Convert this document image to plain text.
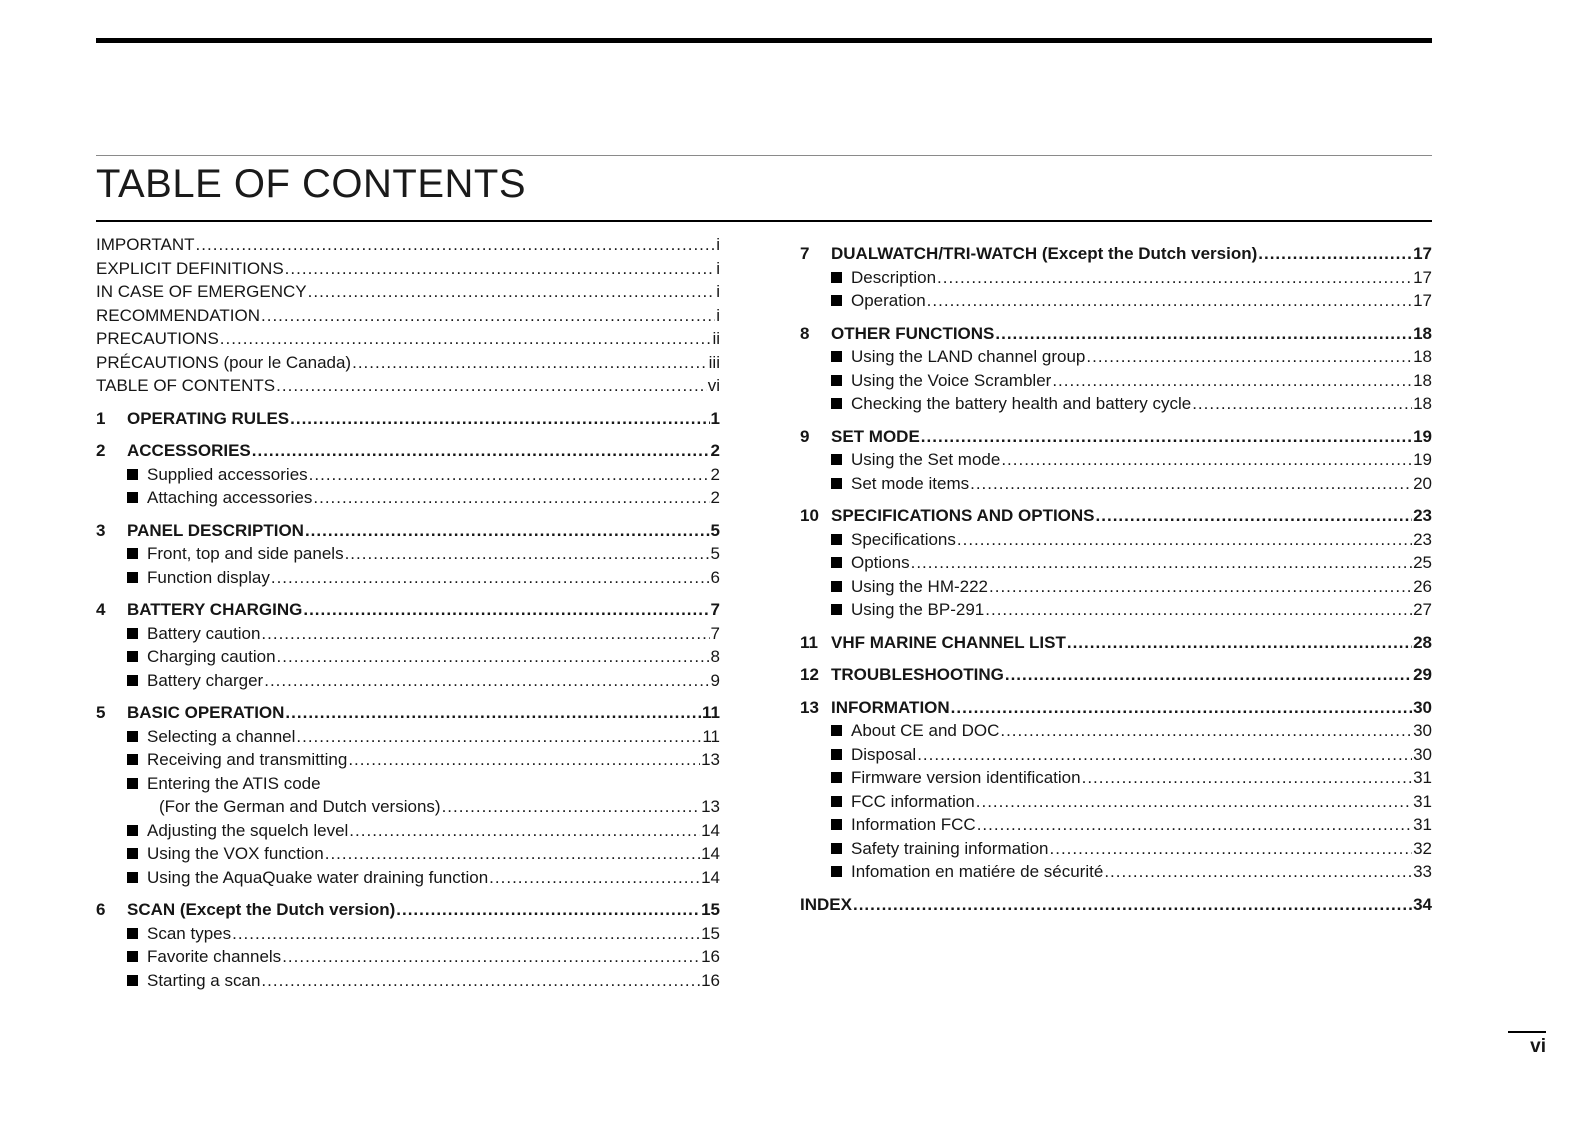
TABLE OF CONTENTS
IMPORTANT .....	i
EXPLICIT DEFINITIONS .....	i
IN CASE OF EMERGENCY .....	i
RECOMMENDATION .....	i
PRECAUTIONS .....	ii
PRÉCAUTIONS (pour le Canada) .....	iii
TABLE OF CONTENTS .....	vi
1	OPERATING RULES .....	1
2	ACCESSORIES .....	2
Supplied accessories .....	2
Attaching accessories .....	2
3	PANEL DESCRIPTION .....	5
Front, top and side panels .....	5
Function display .....	6
4	BATTERY CHARGING .....	7
Battery caution .....	7
Charging caution .....	8
Battery charger .....	9
5	BASIC OPERATION .....	11
Selecting a channel .....	11
Receiving and transmitting .....	13
Entering the ATIS code
(For the German and Dutch versions) .....	13
Adjusting the squelch level .....	14
Using the VOX function .....	14
Using the AquaQuake water draining function .....	14
6	SCAN (Except the Dutch version) .....	15
Scan types .....	15
Favorite channels .....	16
Starting a scan .....	16
7	DUALWATCH/TRI-WATCH (Except the Dutch version) .....	17
Description .....	17
Operation .....	17
8	OTHER FUNCTIONS .....	18
Using the LAND channel group .....	18
Using the Voice Scrambler .....	18
Checking the battery health and battery cycle .....	18
9	SET MODE .....	19
Using the Set mode .....	19
Set mode items .....	20
10 SPECIFICATIONS AND OPTIONS .....	23
Specifications .....	23
Options .....	25
Using the HM-222 .....	26
Using the BP-291 .....	27
11 VHF MARINE CHANNEL LIST .....	28
12 TROUBLESHOOTING .....	29
13 INFORMATION .....	30
About CE and DOC .....	30
Disposal .....	30
Firmware version identification .....	31
FCC information .....	31
Information FCC .....	31
Safety training information .....	32
Infomation en matiére de sécurité .....	33
INDEX .....	34
vi
